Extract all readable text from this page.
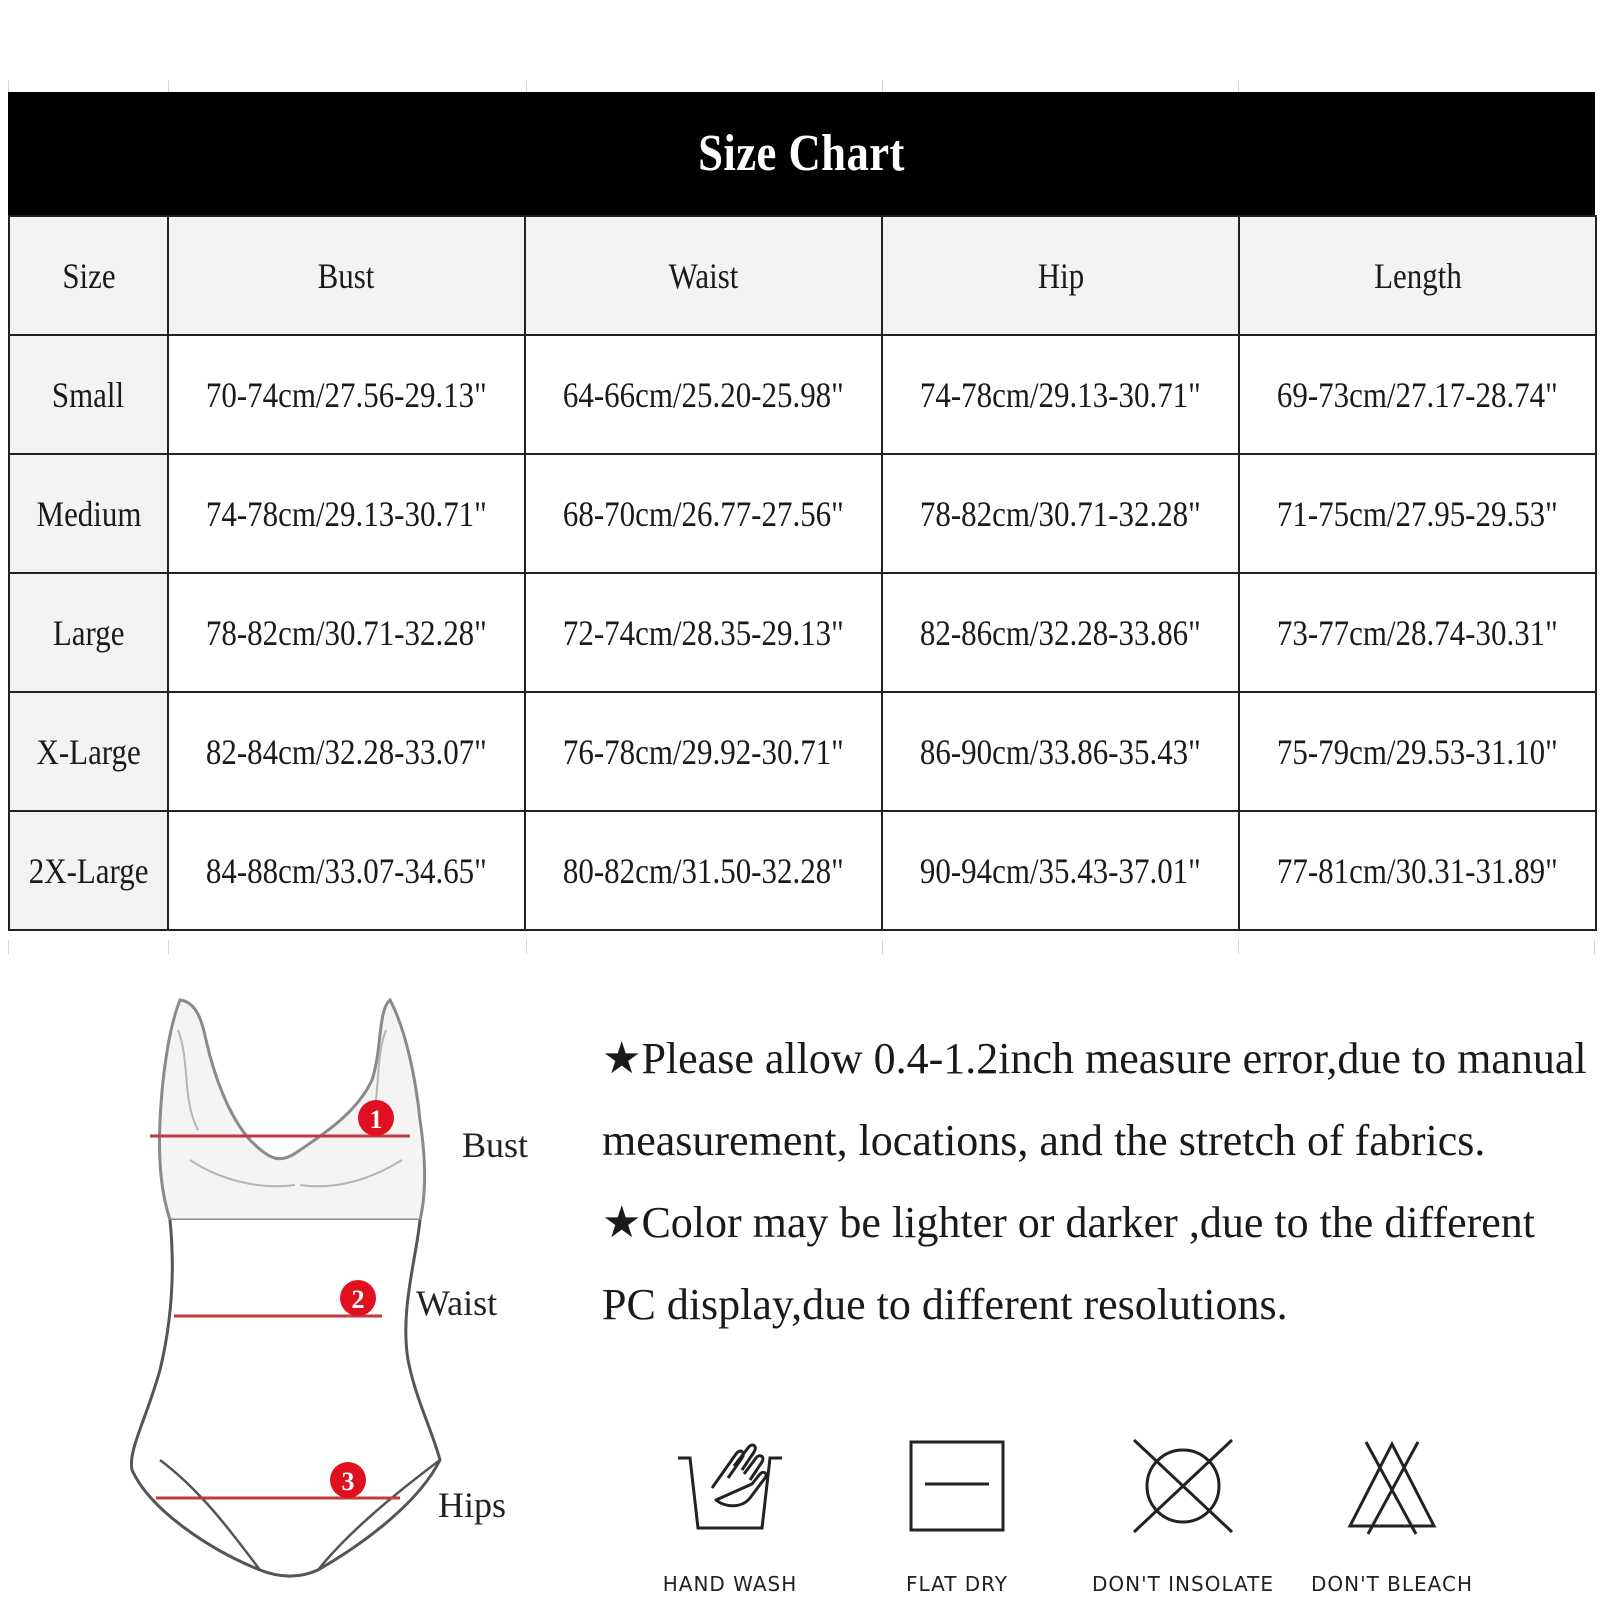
Size Chart
Size	Bust	Waist	Hip	Length
Small	70-74cm/27.56-29.13"	64-66cm/25.20-25.98"	74-78cm/29.13-30.71"	69-73cm/27.17-28.74"
Medium	74-78cm/29.13-30.71"	68-70cm/26.77-27.56"	78-82cm/30.71-32.28"	71-75cm/27.95-29.53"
Large	78-82cm/30.71-32.28"	72-74cm/28.35-29.13"	82-86cm/32.28-33.86"	73-77cm/28.74-30.31"
X-Large	82-84cm/32.28-33.07"	76-78cm/29.92-30.71"	86-90cm/33.86-35.43"	75-79cm/29.53-31.10"
2X-Large	84-88cm/33.07-34.65"	80-82cm/31.50-32.28"	90-94cm/35.43-37.01"	77-81cm/30.31-31.89"
1
2
3
Bust
Waist
Hips

★Please allow 0.4-1.2inch measure error,due to manual measurement, locations, and the stretch of fabrics.

★Color may be lighter or darker ,due to the different PC display,due to different resolutions.

HAND WASH	FLAT DRY	DON'T INSOLATE	DON'T BLEACH
